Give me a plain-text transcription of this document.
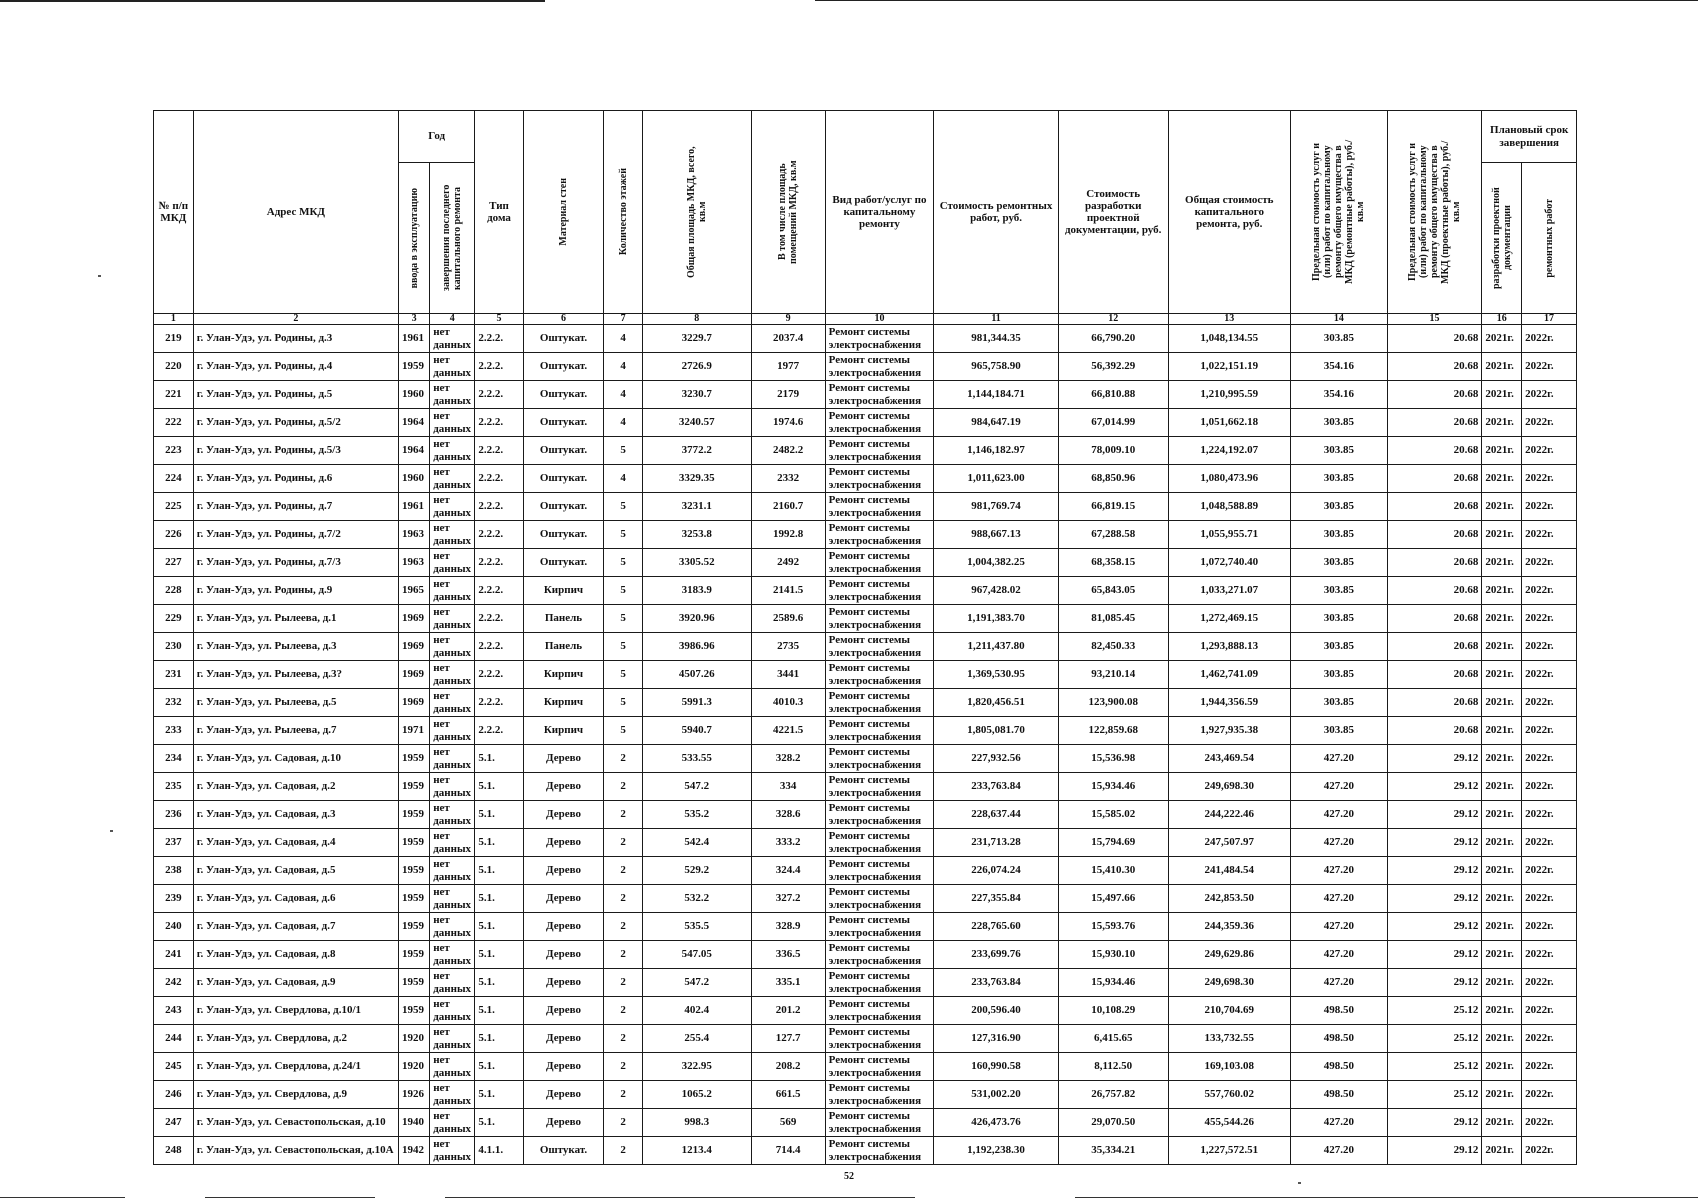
№ п/п МКД	Адрес МКД	Год		Тип дома	Материал стен	Количество этажей	Общая площадь МКД, всего, кв.м	В том числе площадь помещений МКД, кв.м	Вид работ/услуг по капитальному ремонту	Стоимость ремонтных работ, руб.	Стоимость разработки проектной документации, руб.	Общая стоимость капитального ремонта, руб.	Предельная стоимость услуг и (или) работ по капитальному ремонту общего имущества в МКД (ремонтные работы), руб./кв.м	Предельная стоимость услуг и (или) работ по капитальному ремонту общего имущества в МКД (проектные работы), руб./кв.м	Плановый срок завершения	

		ввода в эксплуатацию	завершения последнего капитального ремонта												разработки проектной документации	ремонтных работ

1	2	3	4	5	6	7	8	9	10	11	12	13	14	15	16	17
219	г. Улан-Удэ, ул. Родины, д.3	1961	нет данных	2.2.2.	Оштукат.	4	3229.7	2037.4	Ремонт системы электроснабжения	981,344.35	66,790.20	1,048,134.55	303.85	20.68	2021г.	2022г.
220	г. Улан-Удэ, ул. Родины, д.4	1959	нет данных	2.2.2.	Оштукат.	4	2726.9	1977	Ремонт системы электроснабжения	965,758.90	56,392.29	1,022,151.19	354.16	20.68	2021г.	2022г.
221	г. Улан-Удэ, ул. Родины, д.5	1960	нет данных	2.2.2.	Оштукат.	4	3230.7	2179	Ремонт системы электроснабжения	1,144,184.71	66,810.88	1,210,995.59	354.16	20.68	2021г.	2022г.
222	г. Улан-Удэ, ул. Родины, д.5/2	1964	нет данных	2.2.2.	Оштукат.	4	3240.57	1974.6	Ремонт системы электроснабжения	984,647.19	67,014.99	1,051,662.18	303.85	20.68	2021г.	2022г.
223	г. Улан-Удэ, ул. Родины, д.5/3	1964	нет данных	2.2.2.	Оштукат.	5	3772.2	2482.2	Ремонт системы электроснабжения	1,146,182.97	78,009.10	1,224,192.07	303.85	20.68	2021г.	2022г.
224	г. Улан-Удэ, ул. Родины, д.6	1960	нет данных	2.2.2.	Оштукат.	4	3329.35	2332	Ремонт системы электроснабжения	1,011,623.00	68,850.96	1,080,473.96	303.85	20.68	2021г.	2022г.
225	г. Улан-Удэ, ул. Родины, д.7	1961	нет данных	2.2.2.	Оштукат.	5	3231.1	2160.7	Ремонт системы электроснабжения	981,769.74	66,819.15	1,048,588.89	303.85	20.68	2021г.	2022г.
226	г. Улан-Удэ, ул. Родины, д.7/2	1963	нет данных	2.2.2.	Оштукат.	5	3253.8	1992.8	Ремонт системы электроснабжения	988,667.13	67,288.58	1,055,955.71	303.85	20.68	2021г.	2022г.
227	г. Улан-Удэ, ул. Родины, д.7/3	1963	нет данных	2.2.2.	Оштукат.	5	3305.52	2492	Ремонт системы электроснабжения	1,004,382.25	68,358.15	1,072,740.40	303.85	20.68	2021г.	2022г.
228	г. Улан-Удэ, ул. Родины, д.9	1965	нет данных	2.2.2.	Кирпич	5	3183.9	2141.5	Ремонт системы электроснабжения	967,428.02	65,843.05	1,033,271.07	303.85	20.68	2021г.	2022г.
229	г. Улан-Удэ, ул. Рылеева, д.1	1969	нет данных	2.2.2.	Панель	5	3920.96	2589.6	Ремонт системы электроснабжения	1,191,383.70	81,085.45	1,272,469.15	303.85	20.68	2021г.	2022г.
230	г. Улан-Удэ, ул. Рылеева, д.3	1969	нет данных	2.2.2.	Панель	5	3986.96	2735	Ремонт системы электроснабжения	1,211,437.80	82,450.33	1,293,888.13	303.85	20.68	2021г.	2022г.
231	г. Улан-Удэ, ул. Рылеева, д.3?	1969	нет данных	2.2.2.	Кирпич	5	4507.26	3441	Ремонт системы электроснабжения	1,369,530.95	93,210.14	1,462,741.09	303.85	20.68	2021г.	2022г.
232	г. Улан-Удэ, ул. Рылеева, д.5	1969	нет данных	2.2.2.	Кирпич	5	5991.3	4010.3	Ремонт системы электроснабжения	1,820,456.51	123,900.08	1,944,356.59	303.85	20.68	2021г.	2022г.
233	г. Улан-Удэ, ул. Рылеева, д.7	1971	нет данных	2.2.2.	Кирпич	5	5940.7	4221.5	Ремонт системы электроснабжения	1,805,081.70	122,859.68	1,927,935.38	303.85	20.68	2021г.	2022г.
234	г. Улан-Удэ, ул. Садовая, д.10	1959	нет данных	5.1.	Дерево	2	533.55	328.2	Ремонт системы электроснабжения	227,932.56	15,536.98	243,469.54	427.20	29.12	2021г.	2022г.
235	г. Улан-Удэ, ул. Садовая, д.2	1959	нет данных	5.1.	Дерево	2	547.2	334	Ремонт системы электроснабжения	233,763.84	15,934.46	249,698.30	427.20	29.12	2021г.	2022г.
236	г. Улан-Удэ, ул. Садовая, д.3	1959	нет данных	5.1.	Дерево	2	535.2	328.6	Ремонт системы электроснабжения	228,637.44	15,585.02	244,222.46	427.20	29.12	2021г.	2022г.
237	г. Улан-Удэ, ул. Садовая, д.4	1959	нет данных	5.1.	Дерево	2	542.4	333.2	Ремонт системы электроснабжения	231,713.28	15,794.69	247,507.97	427.20	29.12	2021г.	2022г.
238	г. Улан-Удэ, ул. Садовая, д.5	1959	нет данных	5.1.	Дерево	2	529.2	324.4	Ремонт системы электроснабжения	226,074.24	15,410.30	241,484.54	427.20	29.12	2021г.	2022г.
239	г. Улан-Удэ, ул. Садовая, д.6	1959	нет данных	5.1.	Дерево	2	532.2	327.2	Ремонт системы электроснабжения	227,355.84	15,497.66	242,853.50	427.20	29.12	2021г.	2022г.
240	г. Улан-Удэ, ул. Садовая, д.7	1959	нет данных	5.1.	Дерево	2	535.5	328.9	Ремонт системы электроснабжения	228,765.60	15,593.76	244,359.36	427.20	29.12	2021г.	2022г.
241	г. Улан-Удэ, ул. Садовая, д.8	1959	нет данных	5.1.	Дерево	2	547.05	336.5	Ремонт системы электроснабжения	233,699.76	15,930.10	249,629.86	427.20	29.12	2021г.	2022г.
242	г. Улан-Удэ, ул. Садовая, д.9	1959	нет данных	5.1.	Дерево	2	547.2	335.1	Ремонт системы электроснабжения	233,763.84	15,934.46	249,698.30	427.20	29.12	2021г.	2022г.
243	г. Улан-Удэ, ул. Свердлова, д.10/1	1959	нет данных	5.1.	Дерево	2	402.4	201.2	Ремонт системы электроснабжения	200,596.40	10,108.29	210,704.69	498.50	25.12	2021г.	2022г.
244	г. Улан-Удэ, ул. Свердлова, д.2	1920	нет данных	5.1.	Дерево	2	255.4	127.7	Ремонт системы электроснабжения	127,316.90	6,415.65	133,732.55	498.50	25.12	2021г.	2022г.
245	г. Улан-Удэ, ул. Свердлова, д.24/1	1920	нет данных	5.1.	Дерево	2	322.95	208.2	Ремонт системы электроснабжения	160,990.58	8,112.50	169,103.08	498.50	25.12	2021г.	2022г.
246	г. Улан-Удэ, ул. Свердлова, д.9	1926	нет данных	5.1.	Дерево	2	1065.2	661.5	Ремонт системы электроснабжения	531,002.20	26,757.82	557,760.02	498.50	25.12	2021г.	2022г.
247	г. Улан-Удэ, ул. Севастопольская, д.10	1940	нет данных	5.1.	Дерево	2	998.3	569	Ремонт системы электроснабжения	426,473.76	29,070.50	455,544.26	427.20	29.12	2021г.	2022г.
248	г. Улан-Удэ, ул. Севастопольская, д.10А	1942	нет данных	4.1.1.	Оштукат.	2	1213.4	714.4	Ремонт системы электроснабжения	1,192,238.30	35,334.21	1,227,572.51	427.20	29.12	2021г.	2022г.
52
